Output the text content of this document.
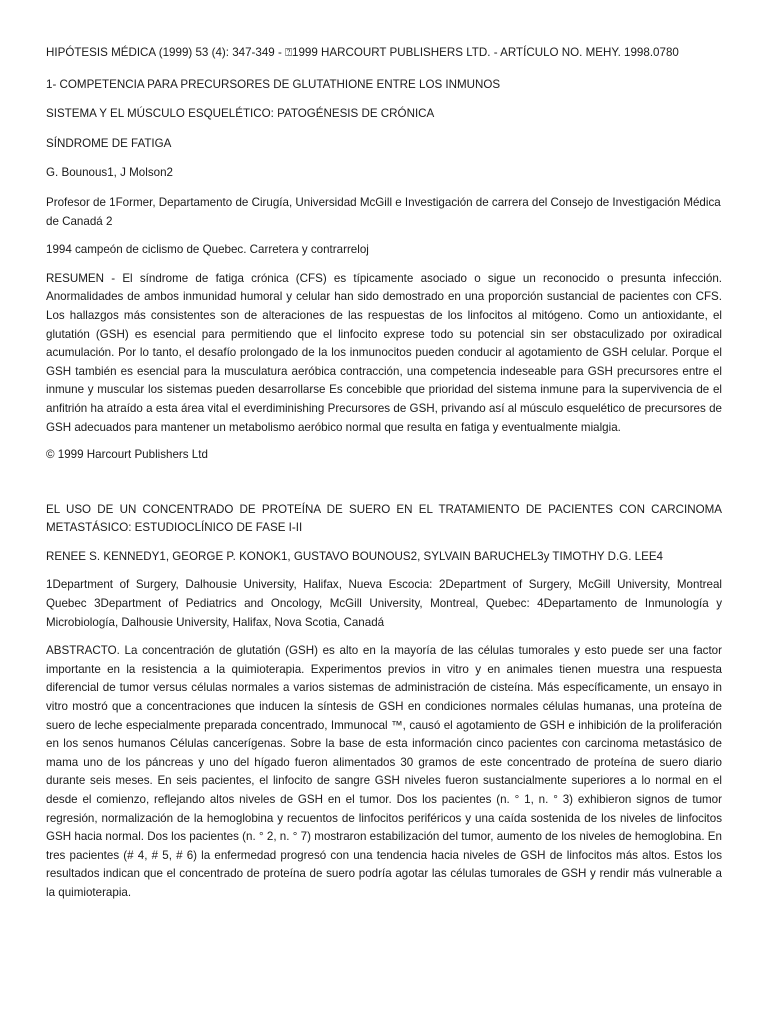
HIPÓTESIS MÉDICA (1999) 53 (4): 347-349 - ⍰1999 HARCOURT PUBLISHERS LTD. - ARTÍCULO NO. MEHY. 1998.0780

1- COMPETENCIA PARA PRECURSORES DE GLUTATHIONE ENTRE LOS INMUNOS

SISTEMA Y EL MÚSCULO ESQUELÉTICO: PATOGÉNESIS DE CRÓNICA

SÍNDROME DE FATIGA

G. Bounous1, J Molson2

Profesor de 1Former, Departamento de Cirugía, Universidad McGill e Investigación de carrera del Consejo de Investigación Médica de Canadá 2

1994 campeón de ciclismo de Quebec. Carretera y contrarreloj

RESUMEN - El síndrome de fatiga crónica (CFS) es típicamente asociado o sigue un reconocido o presunta infección. Anormalidades de ambos inmunidad humoral y celular han sido demostrado en una proporción sustancial de pacientes con CFS. Los hallazgos más consistentes son de alteraciones de las respuestas de los linfocitos al mitógeno. Como un antioxidante, el glutatión (GSH) es esencial para permitiendo que el linfocito exprese todo su potencial sin ser obstaculizado por oxiradical acumulación. Por lo tanto, el desafío prolongado de la los inmunocitos pueden conducir al agotamiento de GSH celular. Porque el GSH también es esencial para la musculatura aeróbica contracción, una competencia indeseable para GSH precursores entre el inmune y muscular los sistemas pueden desarrollarse Es concebible que prioridad del sistema inmune para la supervivencia de el anfitrión ha atraído a esta área vital el everdiminishing Precursores de GSH, privando así al músculo esquelético de precursores de GSH adecuados para mantener un metabolismo aeróbico normal que resulta en fatiga y eventualmente mialgia.

© 1999 Harcourt Publishers Ltd

EL USO DE UN CONCENTRADO DE PROTEÍNA DE SUERO EN EL TRATAMIENTO DE PACIENTES CON CARCINOMA METASTÁSICO: ESTUDIOCLÍNICO DE FASE I-II

RENEE S. KENNEDY1, GEORGE P. KONOK1, GUSTAVO BOUNOUS2, SYLVAIN BARUCHEL3y TIMOTHY D.G. LEE4

1Department of Surgery, Dalhousie University, Halifax, Nueva Escocia: 2Department of Surgery, McGill University, Montreal Quebec 3Department of Pediatrics and Oncology, McGill University, Montreal, Quebec: 4Departamento de Inmunología y Microbiología, Dalhousie University, Halifax, Nova Scotia, Canadá

ABSTRACTO. La concentración de glutatión (GSH) es alto en la mayoría de las células tumorales y esto puede ser una factor importante en la resistencia a la quimioterapia. Experimentos previos in vitro y en animales tienen muestra una respuesta diferencial de tumor versus células normales a varios sistemas de administración de cisteína. Más específicamente, un ensayo in vitro mostró que a concentraciones que inducen la síntesis de GSH en condiciones normales células humanas, una proteína de suero de leche especialmente preparada concentrado, Immunocal ™, causó el agotamiento de GSH e inhibición de la proliferación en los senos humanos Células cancerígenas. Sobre la base de esta información cinco pacientes con carcinoma metastásico de mama uno de los páncreas y uno del hígado fueron alimentados 30 gramos de este concentrado de proteína de suero diario durante seis meses. En seis pacientes, el linfocito de sangre GSH niveles fueron sustancialmente superiores a lo normal en el desde el comienzo, reflejando altos niveles de GSH en el tumor. Dos los pacientes (n. ° 1, n. ° 3) exhibieron signos de tumor regresión, normalización de la hemoglobina y recuentos de linfocitos periféricos y una caída sostenida de los niveles de linfocitos GSH hacia normal. Dos los pacientes (n. ° 2, n. ° 7) mostraron estabilización del tumor, aumento de los niveles de hemoglobina. En tres pacientes (# 4, # 5, # 6) la enfermedad progresó con una tendencia hacia niveles de GSH de linfocitos más altos. Estos los resultados indican que el concentrado de proteína de suero podría agotar las células tumorales de GSH y rendir más vulnerable a la quimioterapia.
